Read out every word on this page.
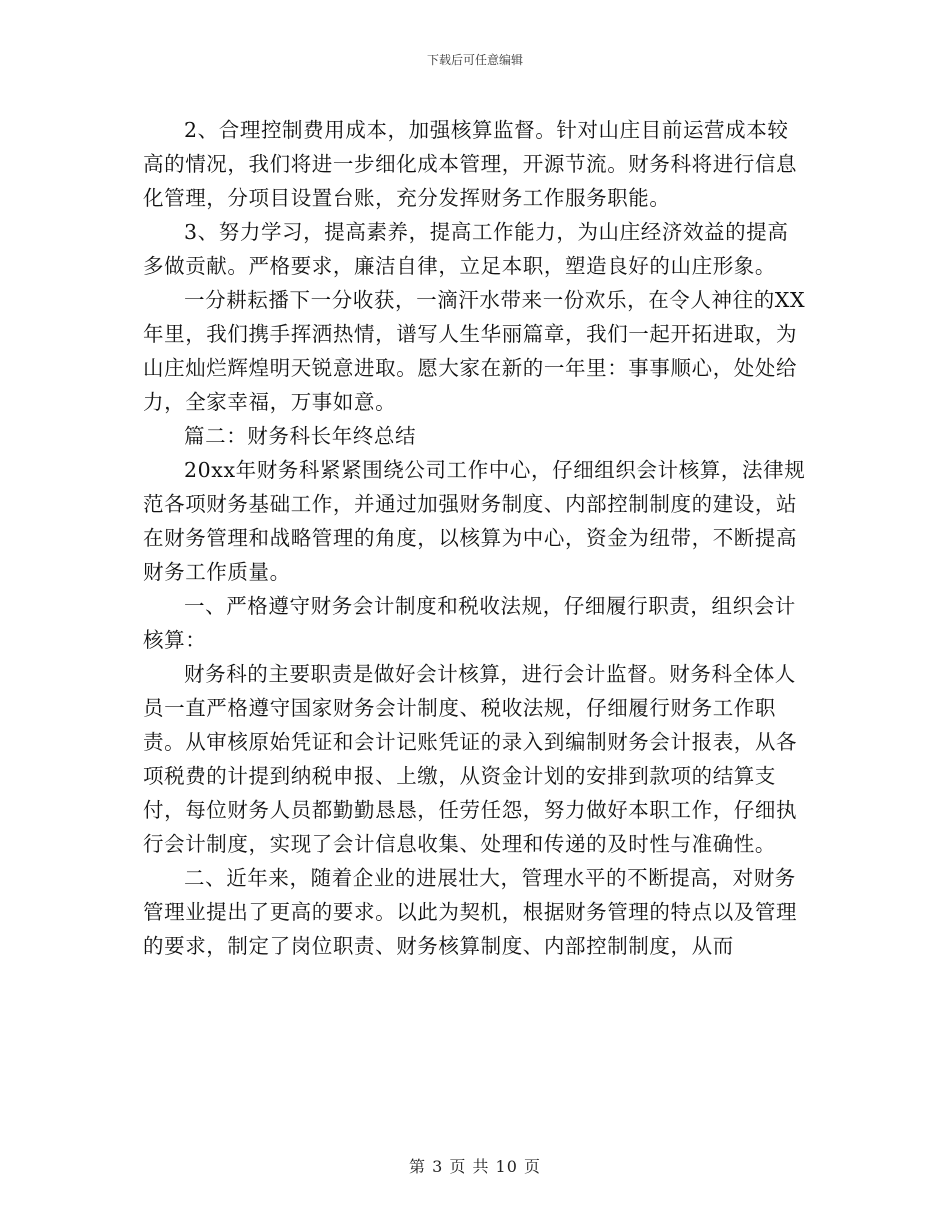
下载后可任意编辑

2、合理控制费用成本，加强核算监督。针对山庄目前运营成本较高的情况，我们将进一步细化成本管理，开源节流。财务科将进行信息化管理，分项目设置台账，充分发挥财务工作服务职能。

3、努力学习，提高素养，提高工作能力，为山庄经济效益的提高多做贡献。严格要求，廉洁自律，立足本职，塑造良好的山庄形象。

一分耕耘播下一分收获，一滴汗水带来一份欢乐，在令人神往的XX年里，我们携手挥洒热情，谱写人生华丽篇章，我们一起开拓进取，为山庄灿烂辉煌明天锐意进取。愿大家在新的一年里：事事顺心，处处给力，全家幸福，万事如意。

篇二：财务科长年终总结

20xx年财务科紧紧围绕公司工作中心，仔细组织会计核算，法律规范各项财务基础工作，并通过加强财务制度、内部控制制度的建设，站在财务管理和战略管理的角度，以核算为中心，资金为纽带，不断提高财务工作质量。

一、严格遵守财务会计制度和税收法规，仔细履行职责，组织会计核算：

财务科的主要职责是做好会计核算，进行会计监督。财务科全体人员一直严格遵守国家财务会计制度、税收法规，仔细履行财务工作职责。从审核原始凭证和会计记账凭证的录入到编制财务会计报表，从各项税费的计提到纳税申报、上缴，从资金计划的安排到款项的结算支付，每位财务人员都勤勤恳恳，任劳任怨，努力做好本职工作，仔细执行会计制度，实现了会计信息收集、处理和传递的及时性与准确性。

二、近年来，随着企业的进展壮大，管理水平的不断提高，对财务管理业提出了更高的要求。以此为契机，根据财务管理的特点以及管理的要求，制定了岗位职责、财务核算制度、内部控制制度，从而

第 3 页 共 10 页
